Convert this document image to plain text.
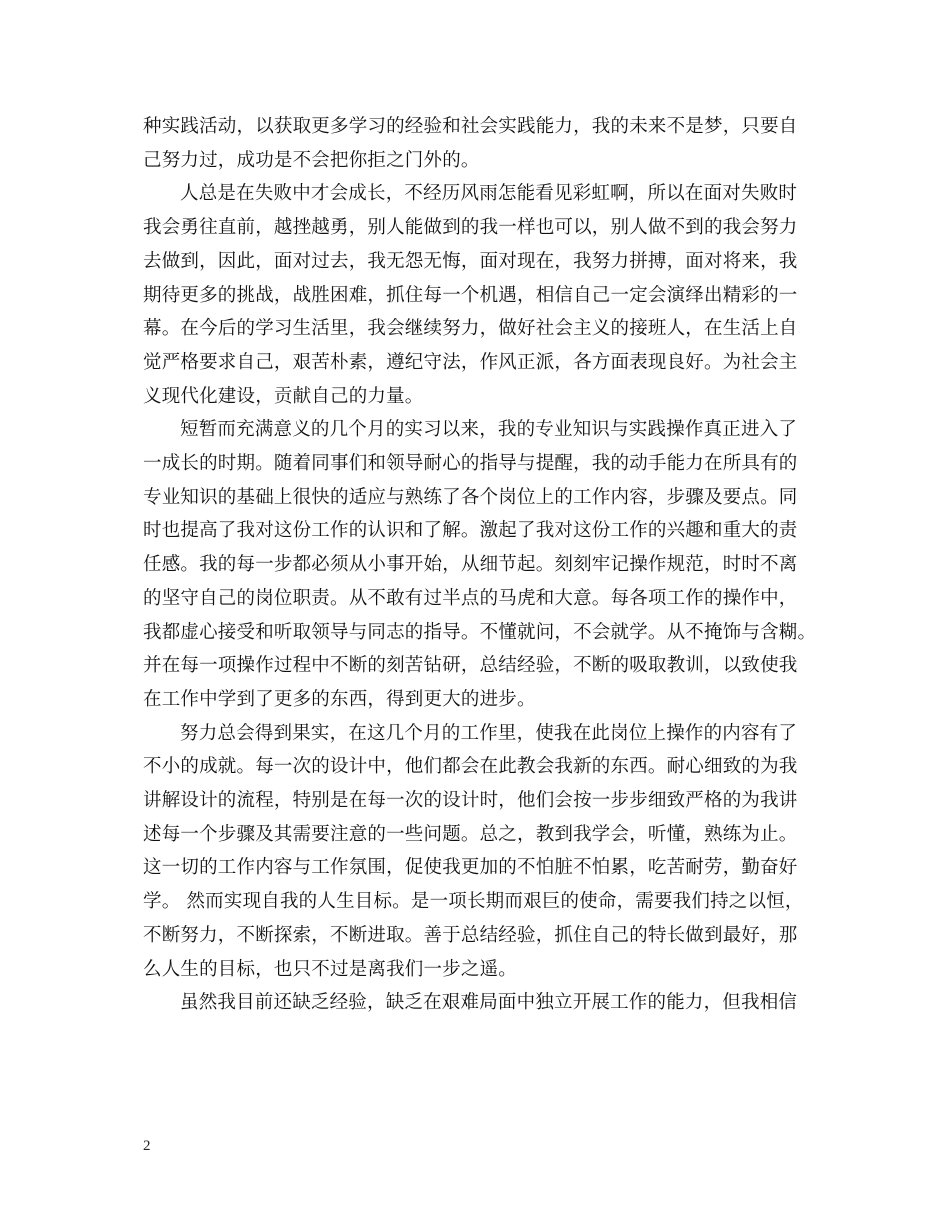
种实践活动，以获取更多学习的经验和社会实践能力，我的未来不是梦，只要自
己努力过，成功是不会把你拒之门外的。
人总是在失败中才会成长，不经历风雨怎能看见彩虹啊，所以在面对失败时
我会勇往直前，越挫越勇，别人能做到的我一样也可以，别人做不到的我会努力
去做到，因此，面对过去，我无怨无悔，面对现在，我努力拼搏，面对将来，我
期待更多的挑战，战胜困难，抓住每一个机遇，相信自己一定会演绎出精彩的一
幕。在今后的学习生活里，我会继续努力，做好社会主义的接班人，在生活上自
觉严格要求自己，艰苦朴素，遵纪守法，作风正派，各方面表现良好。为社会主
义现代化建设，贡献自己的力量。
短暂而充满意义的几个月的实习以来，我的专业知识与实践操作真正进入了
一成长的时期。随着同事们和领导耐心的指导与提醒，我的动手能力在所具有的
专业知识的基础上很快的适应与熟练了各个岗位上的工作内容，步骤及要点。同
时也提高了我对这份工作的认识和了解。激起了我对这份工作的兴趣和重大的责
任感。我的每一步都必须从小事开始，从细节起。刻刻牢记操作规范，时时不离
的坚守自己的岗位职责。从不敢有过半点的马虎和大意。每各项工作的操作中，
我都虚心接受和听取领导与同志的指导。不懂就问，不会就学。从不掩饰与含糊。
并在每一项操作过程中不断的刻苦钻研，总结经验，不断的吸取教训，以致使我
在工作中学到了更多的东西，得到更大的进步。
努力总会得到果实，在这几个月的工作里，使我在此岗位上操作的内容有了
不小的成就。每一次的设计中，他们都会在此教会我新的东西。耐心细致的为我
讲解设计的流程，特别是在每一次的设计时，他们会按一步步细致严格的为我讲
述每一个步骤及其需要注意的一些问题。总之，教到我学会，听懂，熟练为止。
这一切的工作内容与工作氛围，促使我更加的不怕脏不怕累，吃苦耐劳，勤奋好
学。 然而实现自我的人生目标。是一项长期而艰巨的使命，需要我们持之以恒，
不断努力，不断探索，不断进取。善于总结经验，抓住自己的特长做到最好，那
么人生的目标，也只不过是离我们一步之遥。
虽然我目前还缺乏经验，缺乏在艰难局面中独立开展工作的能力，但我相信
2
